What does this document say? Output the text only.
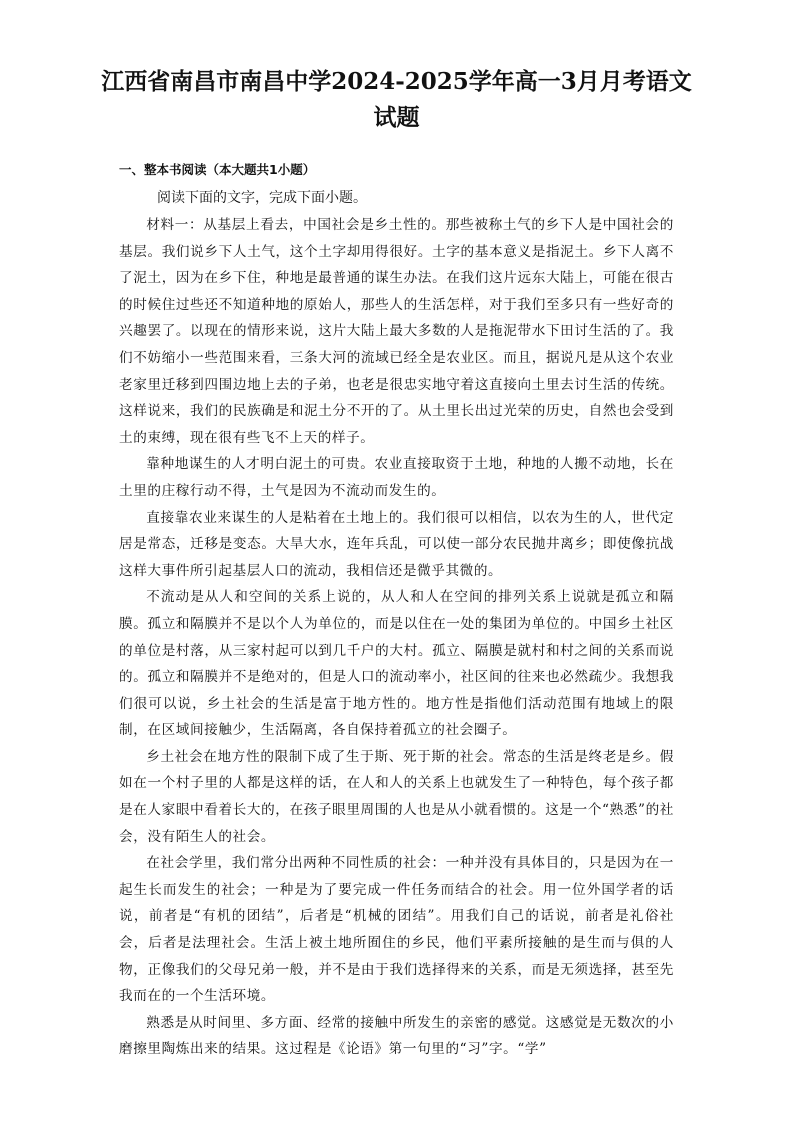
江西省南昌市南昌中学2024-2025学年高一3月月考语文试题
一、整本书阅读（本大题共1小题）
阅读下面的文字，完成下面小题。

材料一：从基层上看去，中国社会是乡土性的。那些被称土气的乡下人是中国社会的基层。我们说乡下人土气，这个土字却用得很好。土字的基本意义是指泥土。乡下人离不了泥土，因为在乡下住，种地是最普通的谋生办法。在我们这片远东大陆上，可能在很古的时候住过些还不知道种地的原始人，那些人的生活怎样，对于我们至多只有一些好奇的兴趣罢了。以现在的情形来说，这片大陆上最大多数的人是拖泥带水下田讨生活的了。我们不妨缩小一些范围来看，三条大河的流域已经全是农业区。而且，据说凡是从这个农业老家里迁移到四围边地上去的子弟，也老是很忠实地守着这直接向土里去讨生活的传统。这样说来，我们的民族确是和泥土分不开的了。从土里长出过光荣的历史，自然也会受到土的束缚，现在很有些飞不上天的样子。

靠种地谋生的人才明白泥土的可贵。农业直接取资于土地，种地的人搬不动地，长在土里的庄稼行动不得，土气是因为不流动而发生的。

直接靠农业来谋生的人是粘着在土地上的。我们很可以相信，以农为生的人，世代定居是常态，迁移是变态。大旱大水，连年兵乱，可以使一部分农民抛井离乡；即使像抗战这样大事件所引起基层人口的流动，我相信还是微乎其微的。

不流动是从人和空间的关系上说的，从人和人在空间的排列关系上说就是孤立和隔膜。孤立和隔膜并不是以个人为单位的，而是以住在一处的集团为单位的。中国乡土社区的单位是村落，从三家村起可以到几千户的大村。孤立、隔膜是就村和村之间的关系而说的。孤立和隔膜并不是绝对的，但是人口的流动率小，社区间的往来也必然疏少。我想我们很可以说，乡土社会的生活是富于地方性的。地方性是指他们活动范围有地域上的限制，在区域间接触少，生活隔离，各自保持着孤立的社会圈子。

乡土社会在地方性的限制下成了生于斯、死于斯的社会。常态的生活是终老是乡。假如在一个村子里的人都是这样的话，在人和人的关系上也就发生了一种特色，每个孩子都是在人家眼中看着长大的，在孩子眼里周围的人也是从小就看惯的。这是一个“熟悉”的社会，没有陌生人的社会。

在社会学里，我们常分出两种不同性质的社会：一种并没有具体目的，只是因为在一起生长而发生的社会；一种是为了要完成一件任务而结合的社会。用一位外国学者的话说，前者是“有机的团结”，后者是“机械的团结”。用我们自己的话说，前者是礼俗社会，后者是法理社会。生活上被土地所囿住的乡民，他们平素所接触的是生而与俱的人物，正像我们的父母兄弟一般，并不是由于我们选择得来的关系，而是无须选择，甚至先我而在的一个生活环境。

熟悉是从时间里、多方面、经常的接触中所发生的亲密的感觉。这感觉是无数次的小磨擦里陶炼出来的结果。这过程是《论语》第一句里的“习”字。“学”
